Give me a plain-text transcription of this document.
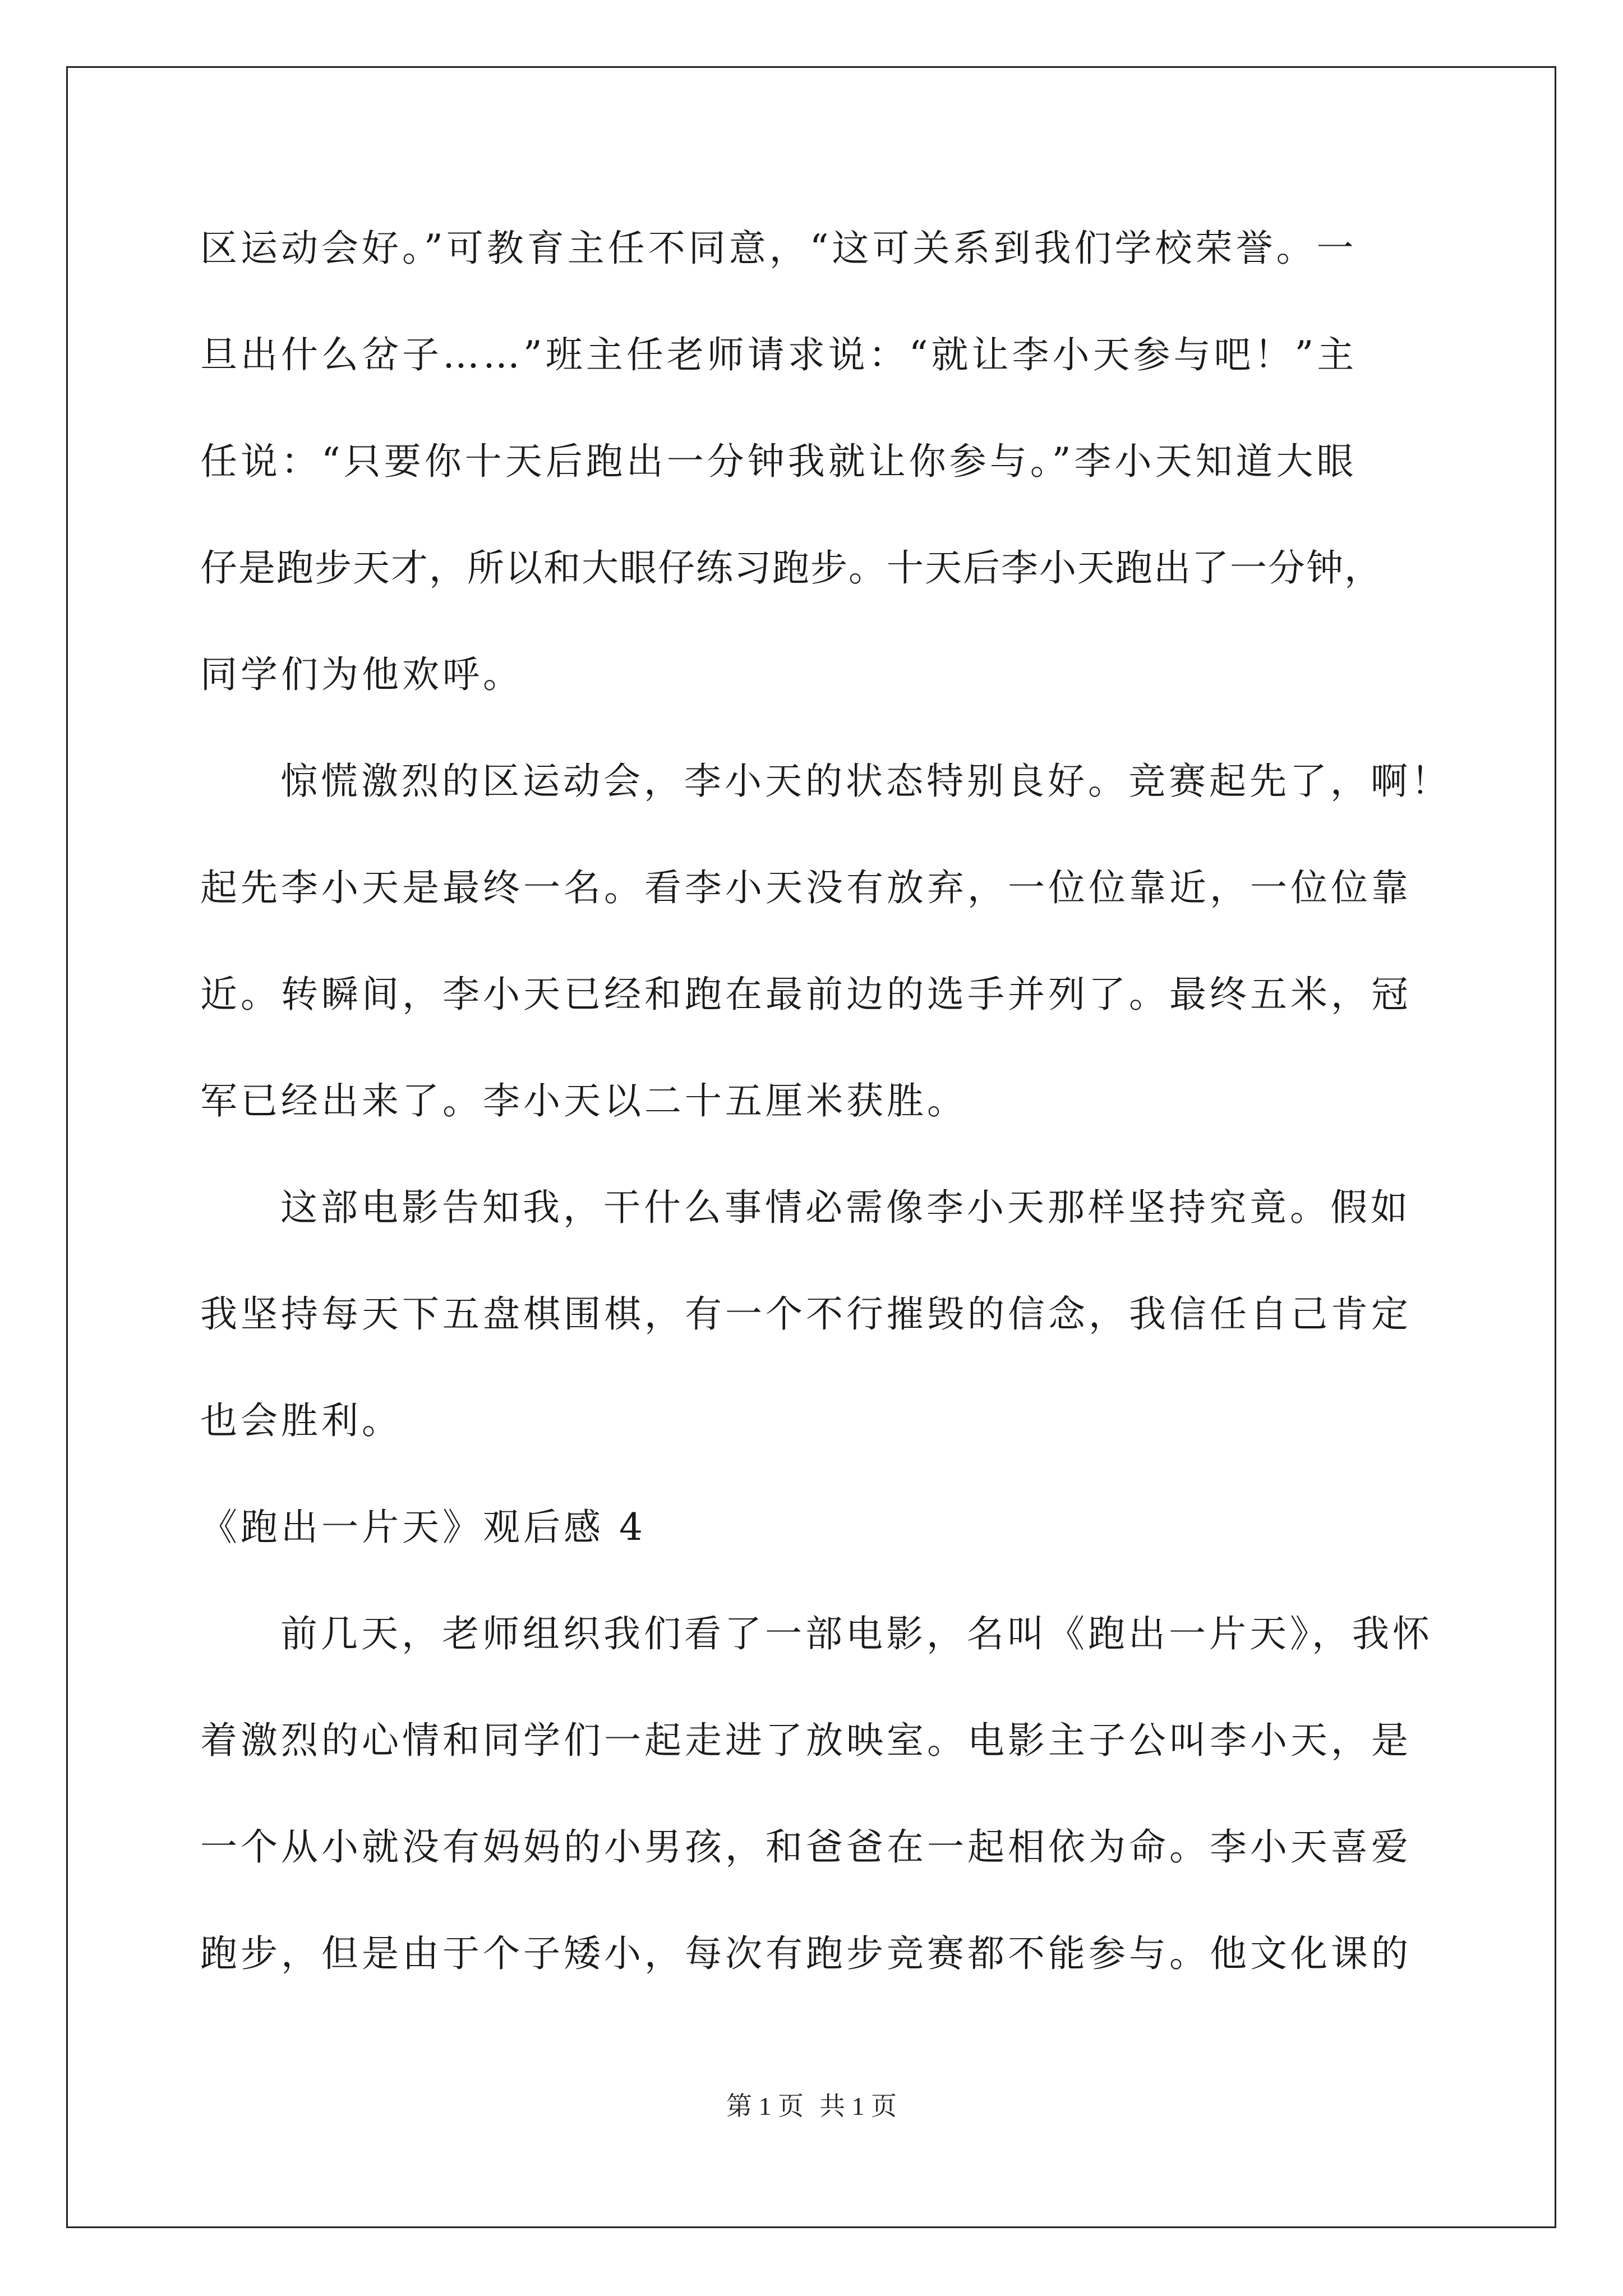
区运动会好。”可教育主任不同意，“这可关系到我们学校荣誉。一
旦出什么岔子……”班主任老师请求说：“就让李小天参与吧！”主
任说：“只要你十天后跑出一分钟我就让你参与。”李小天知道大眼
仔是跑步天才，所以和大眼仔练习跑步。十天后李小天跑出了一分钟，
同学们为他欢呼。
惊慌激烈的区运动会，李小天的状态特别良好。竞赛起先了，啊！
起先李小天是最终一名。看李小天没有放弃，一位位靠近，一位位靠
近。转瞬间，李小天已经和跑在最前边的选手并列了。最终五米，冠
军已经出来了。李小天以二十五厘米获胜。
这部电影告知我，干什么事情必需像李小天那样坚持究竟。假如
我坚持每天下五盘棋围棋，有一个不行摧毁的信念，我信任自己肯定
也会胜利。
《跑出一片天》观后感 4
前几天，老师组织我们看了一部电影，名叫《跑出一片天》，我怀
着激烈的心情和同学们一起走进了放映室。电影主子公叫李小天，是
一个从小就没有妈妈的小男孩，和爸爸在一起相依为命。李小天喜爱
跑步，但是由于个子矮小，每次有跑步竞赛都不能参与。他文化课的
第 1 页 共 1 页
